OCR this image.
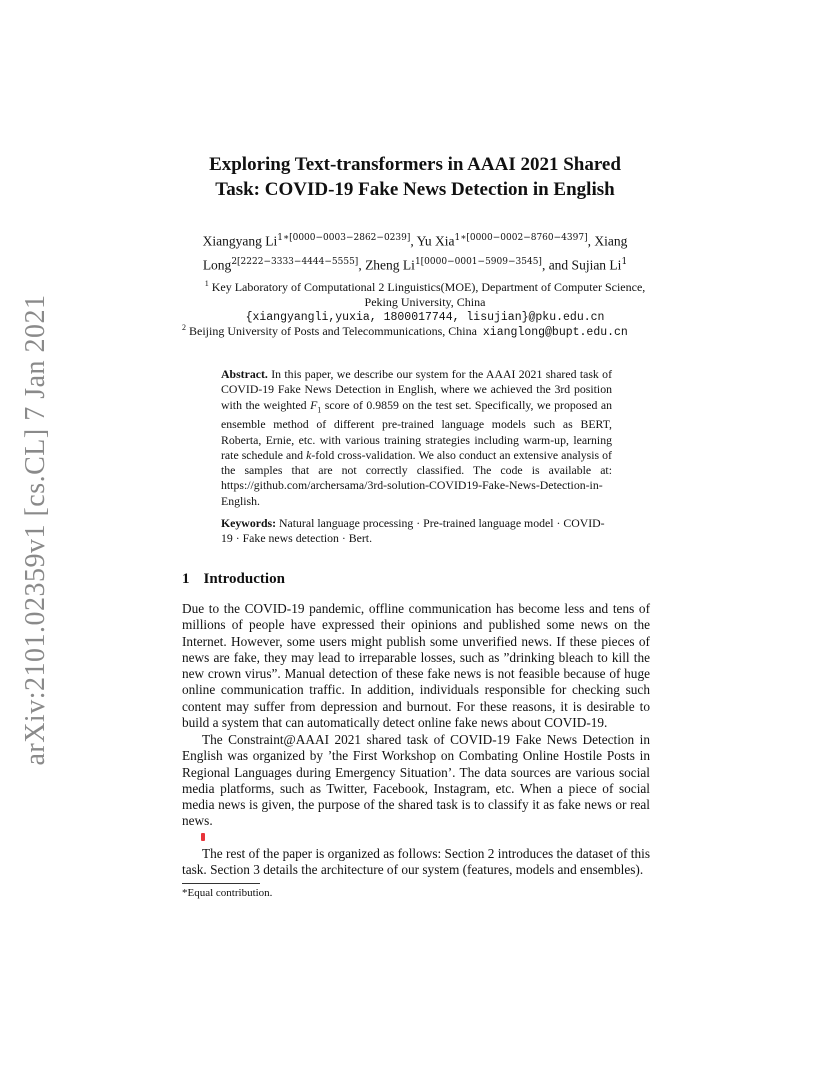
arXiv:2101.02359v1 [cs.CL] 7 Jan 2021
Exploring Text-transformers in AAAI 2021 Shared
Task: COVID-19 Fake News Detection in English
Xiangyang $Li^{1∗[0000-0003-2862-0239]}$, Yu Xia$^{1∗[0000-0002-8760-4397]}$, Xiang
Long$^{2[2222-3333-4444-5555]}$, Zheng $Li^{1[0000-0001-5909-3545]}$, and Sujian Li$^1$
$^1$ Key Laboratory of Computational 2 Linguistics(MOE), Department of Computer Science,
Peking University, China
{xiangyangli,yuxia, 1800017744, lisujian}@pku.edu.cn
$^2$ Beijing University of Posts and Telecommunications, China xianglong@bupt.edu.cn
Abstract. In this paper, we describe our system for the AAAI 2021 shared task of COVID-19 Fake News Detection in English, where we achieved the 3rd position with the weighted $F_1$ score of 0.9859 on the test set. Specifically, we proposed an ensemble method of different pre-trained language models such as BERT, Roberta, Ernie, etc. with various training strategies including warm-up, learning rate schedule and k-fold cross-validation. We also conduct an extensive analysis of the samples that are not correctly classified. The code is available at: https://github.com/archersama/3rd-solution-COVID19-Fake-News-Detection-in-English.
Keywords: Natural language processing · Pre-trained language model · COVID-19 · Fake news detection · Bert.
1 Introduction
Due to the COVID-19 pandemic, offline communication has become less and tens of millions of people have expressed their opinions and published some news on the Internet. However, some users might publish some unverified news. If these pieces of news are fake, they may lead to irreparable losses, such as ”drinking bleach to kill the new crown virus”. Manual detection of these fake news is not feasible because of huge online communication traffic. In addition, individuals responsible for checking such content may suffer from depression and burnout. For these reasons, it is desirable to build a system that can automatically detect online fake news about COVID-19.
The Constraint@AAAI 2021 shared task of COVID-19 Fake News Detection in English was organized by ’the First Workshop on Combating Online Hostile Posts in Regional Languages during Emergency Situation’. The data sources are various social media platforms, such as Twitter, Facebook, Instagram, etc. When a piece of social media news is given, the purpose of the shared task is to classify it as fake news or real news.
The rest of the paper is organized as follows: Section 2 introduces the dataset of this task. Section 3 details the architecture of our system (features, models and ensembles).
*Equal contribution.
